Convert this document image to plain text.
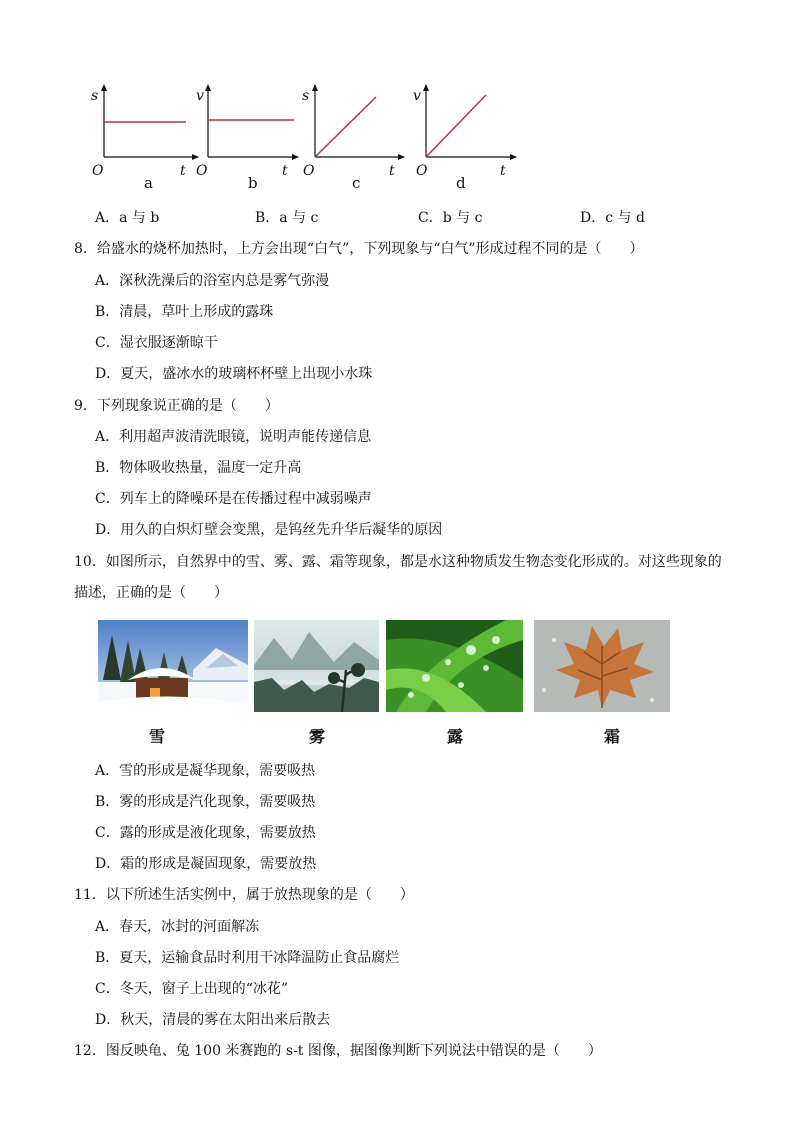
s
O	t
a
v
O	t
b
s
O	t
c
v
O	t
d
A．a 与 b	B．a 与 c	C．b 与 c	D．c 与 d
8．给盛水的烧杯加热时，上方会出现“白气”，下列现象与“白气”形成过程不同的是（　　）
A．深秋洗澡后的浴室内总是雾气弥漫
B．清晨，草叶上形成的露珠
C．湿衣服逐渐晾干
D．夏天，盛冰水的玻璃杯杯壁上出现小水珠
9．下列现象说正确的是（　　）
A．利用超声波清洗眼镜，说明声能传递信息
B．物体吸收热量，温度一定升高
C．列车上的降噪环是在传播过程中减弱噪声
D．用久的白炽灯壁会变黑，是钨丝先升华后凝华的原因
10．如图所示，自然界中的雪、雾、露、霜等现象，都是水这种物质发生物态变化形成的。对这些现象的
描述，正确的是（　　）
雪	雾	露	霜
A．雪的形成是凝华现象，需要吸热
B．雾的形成是汽化现象，需要吸热
C．露的形成是液化现象，需要放热
D．霜的形成是凝固现象，需要放热
11．以下所述生活实例中，属于放热现象的是（　　）
A．春天，冰封的河面解冻
B．夏天，运输食品时利用干冰降温防止食品腐烂
C．冬天，窗子上出现的“冰花”
D．秋天，清晨的雾在太阳出来后散去
12．图反映龟、兔 100 米赛跑的 s-t 图像，据图像判断下列说法中错误的是（　　）
